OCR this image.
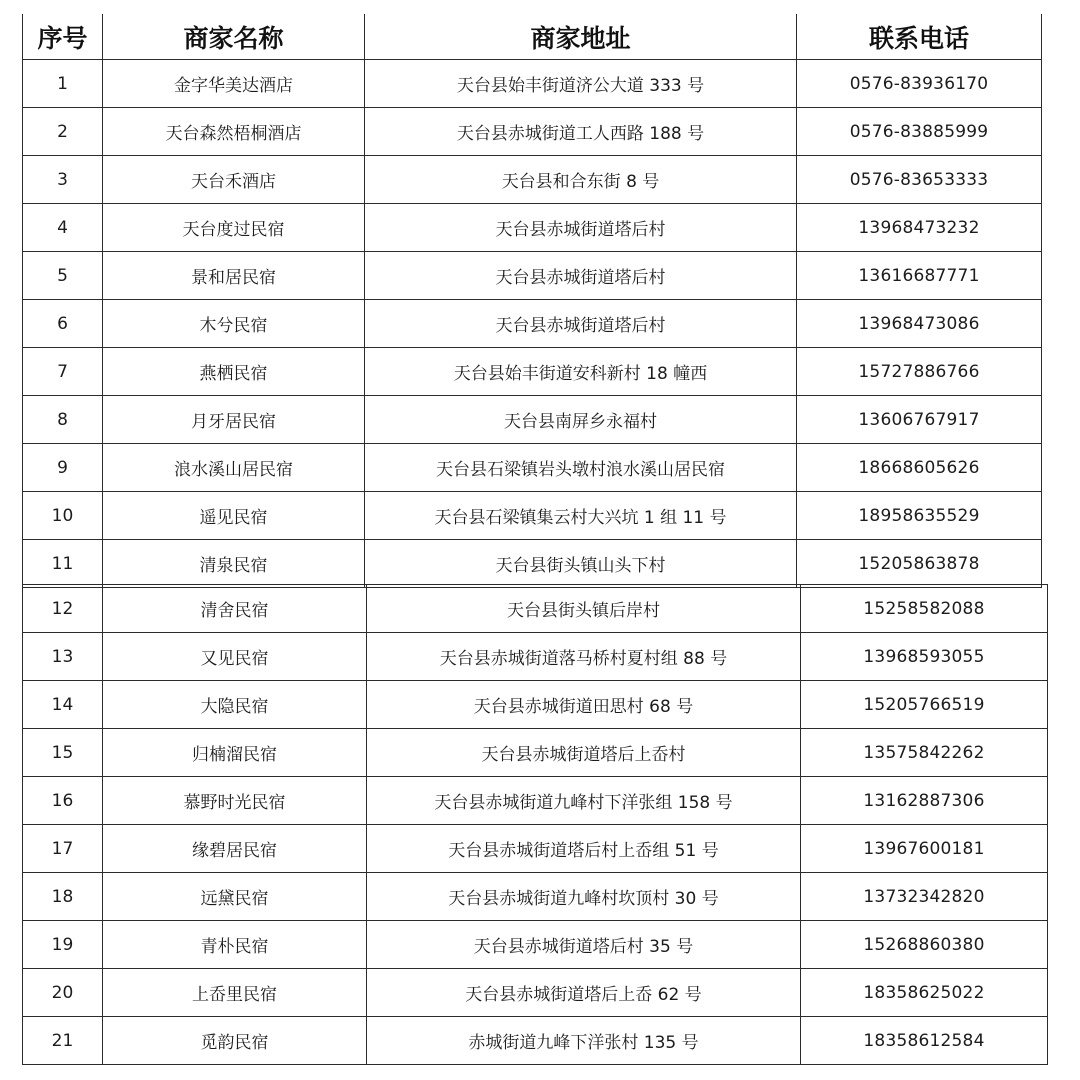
序号	商家名称	商家地址	联系电话
1	金字华美达酒店	天台县始丰街道济公大道 333 号	0576-83936170
2	天台森然梧桐酒店	天台县赤城街道工人西路 188 号	0576-83885999
3	天台禾酒店	天台县和合东街 8 号	0576-83653333
4	天台度过民宿	天台县赤城街道塔后村	13968473232
5	景和居民宿	天台县赤城街道塔后村	13616687771
6	木兮民宿	天台县赤城街道塔后村	13968473086
7	燕栖民宿	天台县始丰街道安科新村 18 幢西	15727886766
8	月牙居民宿	天台县南屏乡永福村	13606767917
9	浪水溪山居民宿	天台县石梁镇岩头墩村浪水溪山居民宿	18668605626
10	遥见民宿	天台县石梁镇集云村大兴坑 1 组 11 号	18958635529
11	清泉民宿	天台县街头镇山头下村	15205863878
12	清舍民宿	天台县街头镇后岸村	15258582088
13	又见民宿	天台县赤城街道落马桥村夏村组 88 号	13968593055
14	大隐民宿	天台县赤城街道田思村 68 号	15205766519
15	归楠溜民宿	天台县赤城街道塔后上岙村	13575842262
16	慕野时光民宿	天台县赤城街道九峰村下洋张组 158 号	13162887306
17	缘碧居民宿	天台县赤城街道塔后村上岙组 51 号	13967600181
18	远黛民宿	天台县赤城街道九峰村坎顶村 30 号	13732342820
19	青朴民宿	天台县赤城街道塔后村 35 号	15268860380
20	上岙里民宿	天台县赤城街道塔后上岙 62 号	18358625022
21	觅韵民宿	赤城街道九峰下洋张村 135 号	18358612584
